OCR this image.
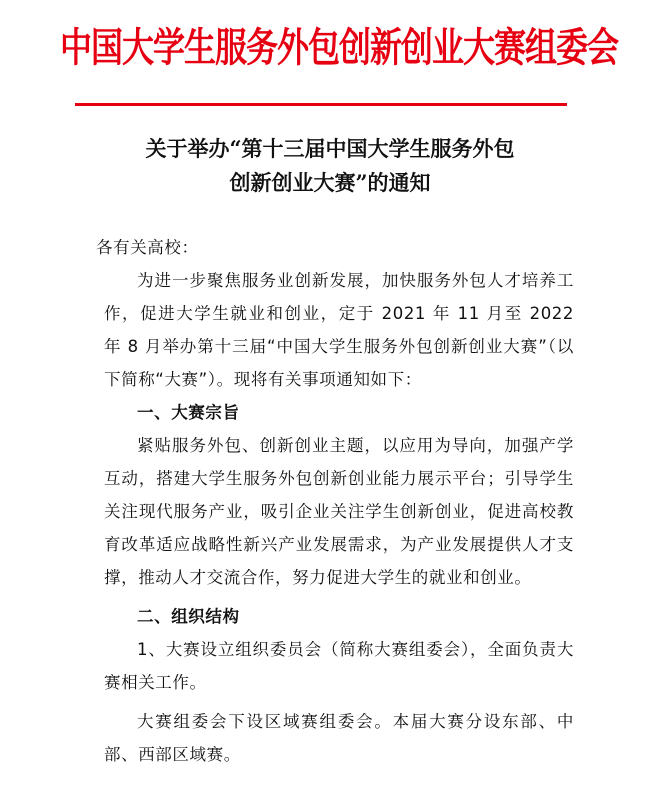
中国大学生服务外包创新创业大赛组委会
关于举办“第十三届中国大学生服务外包
创新创业大赛”的通知

各有关高校：

为进一步聚焦服务业创新发展，加快服务外包人才培养工作，促进大学生就业和创业，定于 2021 年 11 月至 2022 年 8 月举办第十三届“中国大学生服务外包创新创业大赛”（以下简称“大赛”）。现将有关事项通知如下：

一、大赛宗旨

紧贴服务外包、创新创业主题，以应用为导向，加强产学互动，搭建大学生服务外包创新创业能力展示平台；引导学生关注现代服务产业，吸引企业关注学生创新创业，促进高校教育改革适应战略性新兴产业发展需求，为产业发展提供人才支撑，推动人才交流合作，努力促进大学生的就业和创业。

二、组织结构

1、大赛设立组织委员会（简称大赛组委会），全面负责大赛相关工作。

大赛组委会下设区域赛组委会。本届大赛分设东部、中部、西部区域赛。
